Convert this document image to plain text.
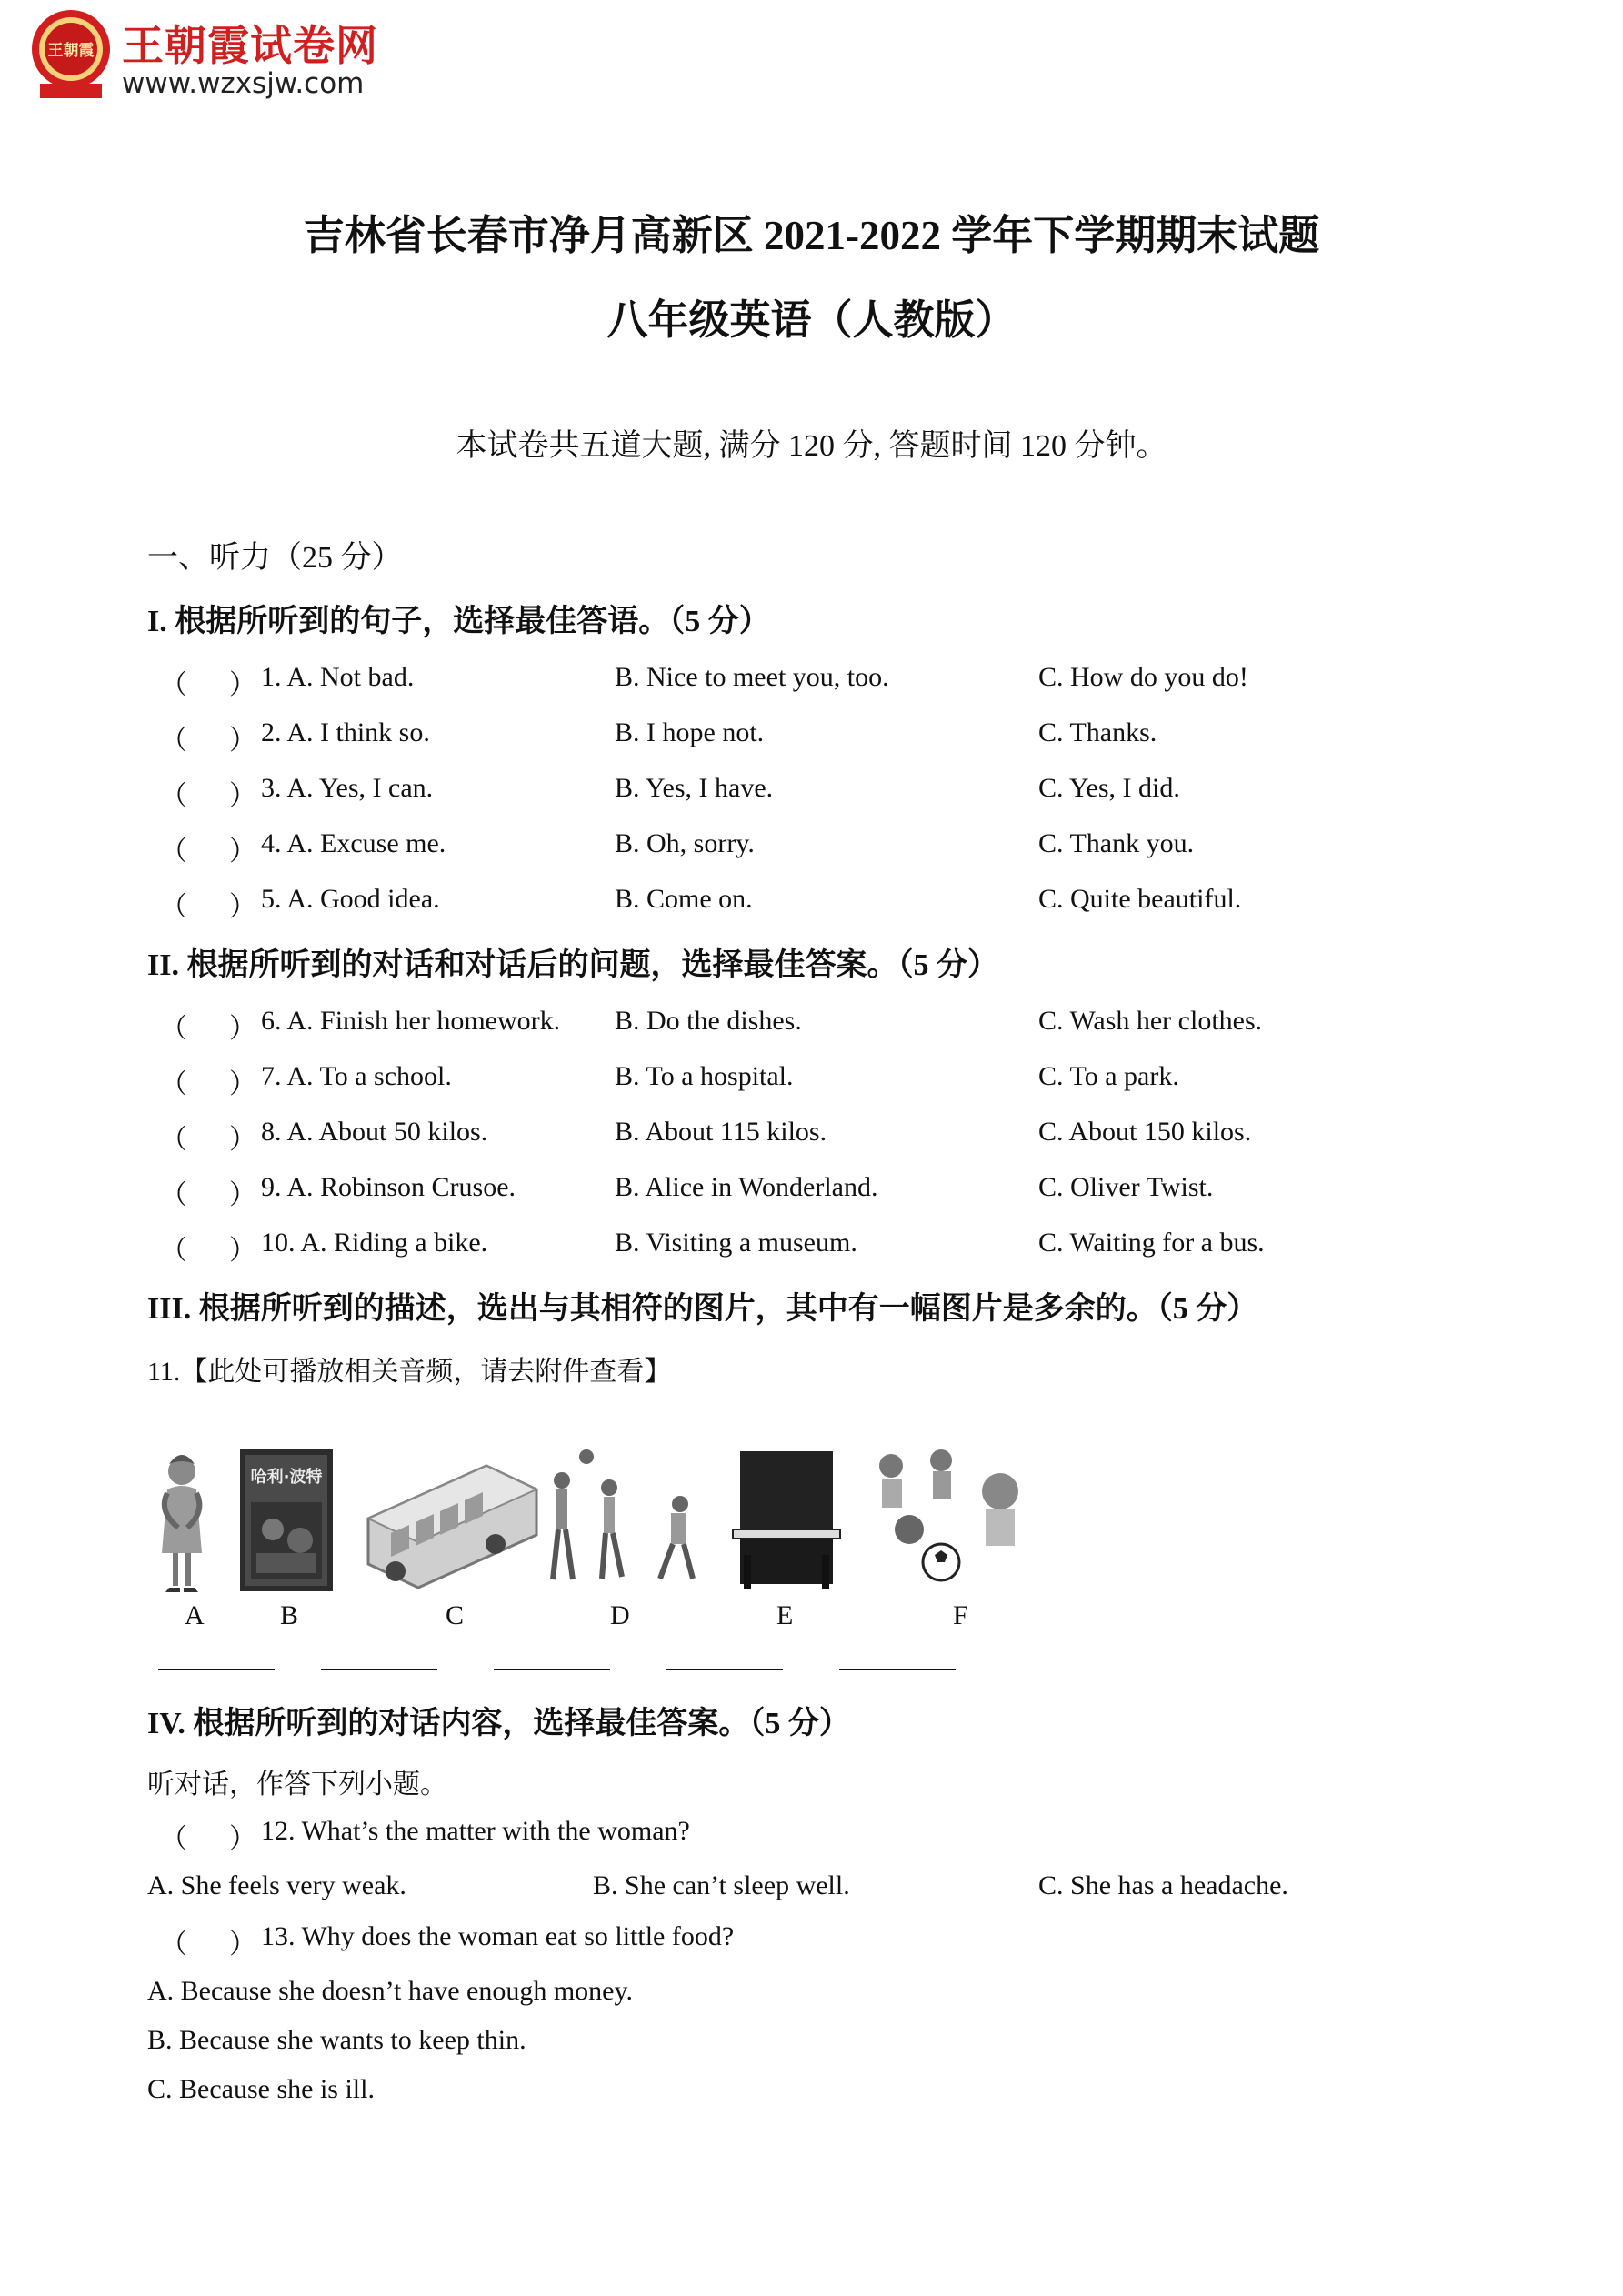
王朝霞 王朝霞试卷网
www.wzxsjw.com
吉林省长春市净月高新区 2021-2022 学年下学期期末试题
八年级英语（人教版）
本试卷共五道大题, 满分 120 分, 答题时间 120 分钟。
一、听力（25 分）
I. 根据所听到的句子，选择最佳答语。（5 分）
（ ） 1. A. Not bad.	B. Nice to meet you, too.	C. How do you do!
（ ） 2. A. I think so.	B. I hope not.	C. Thanks.
（ ） 3. A. Yes, I can.	B. Yes, I have.	C. Yes, I did.
（ ） 4. A. Excuse me.	B. Oh, sorry.	C. Thank you.
（ ） 5. A. Good idea.	B. Come on.	C. Quite beautiful.
II. 根据所听到的对话和对话后的问题，选择最佳答案。（5 分）
（ ） 6. A. Finish her homework. B. Do the dishes.	C. Wash her clothes.
（ ） 7. A. To a school.	B. To a hospital.	C. To a park.
（ ） 8. A. About 50 kilos.	B. About 115 kilos.	C. About 150 kilos.
（ ） 9. A. Robinson Crusoe.	B. Alice in Wonderland.	C. Oliver Twist.
（ ） 10. A. Riding a bike.	B. Visiting a museum.	C. Waiting for a bus.
III. 根据所听到的描述，选出与其相符的图片，其中有一幅图片是多余的。（5 分）
11.【此处可播放相关音频，请去附件查看】
哈利·波特
A	B	C	D	E	F
IV. 根据所听到的对话内容，选择最佳答案。（5 分）
听对话，作答下列小题。
（ ） 12. What’s the matter with the woman?
A. She feels very weak.	B. She can’t sleep well.	C. She has a headache.
（ ） 13. Why does the woman eat so little food?
A. Because she doesn’t have enough money.
B. Because she wants to keep thin.
C. Because she is ill.
